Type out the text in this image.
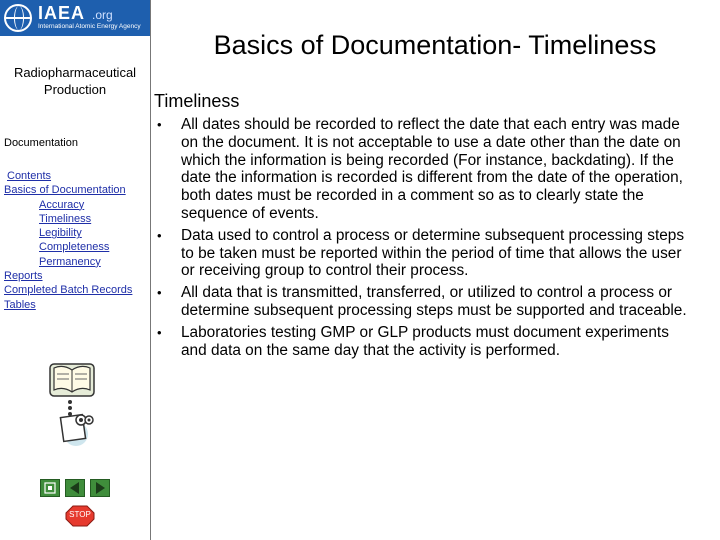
IAEA .org
International Atomic Energy Agency
Radiopharmaceutical Production
Documentation
Contents
Basics of Documentation
Accuracy
Timeliness
Legibility
Completeness
Permanency
Reports
Completed Batch Records
Tables
STOP
Basics of Documentation- Timeliness
Timeliness
• All dates should be recorded to reflect the date that each entry was made on the document. It is not acceptable to use a date other than the date on which the information is being recorded (For instance, backdating). If the date the information is recorded is different from the date of the operation, both dates must be recorded in a comment so as to clearly state the sequence of events.
• Data used to control a process or determine subsequent processing steps to be taken must be reported within the period of time that allows the user or receiving group to control their process.
• All data that is transmitted, transferred, or utilized to control a process or determine subsequent processing steps must be supported and traceable.
• Laboratories testing GMP or GLP products must document experiments and data on the same day that the activity is performed.
